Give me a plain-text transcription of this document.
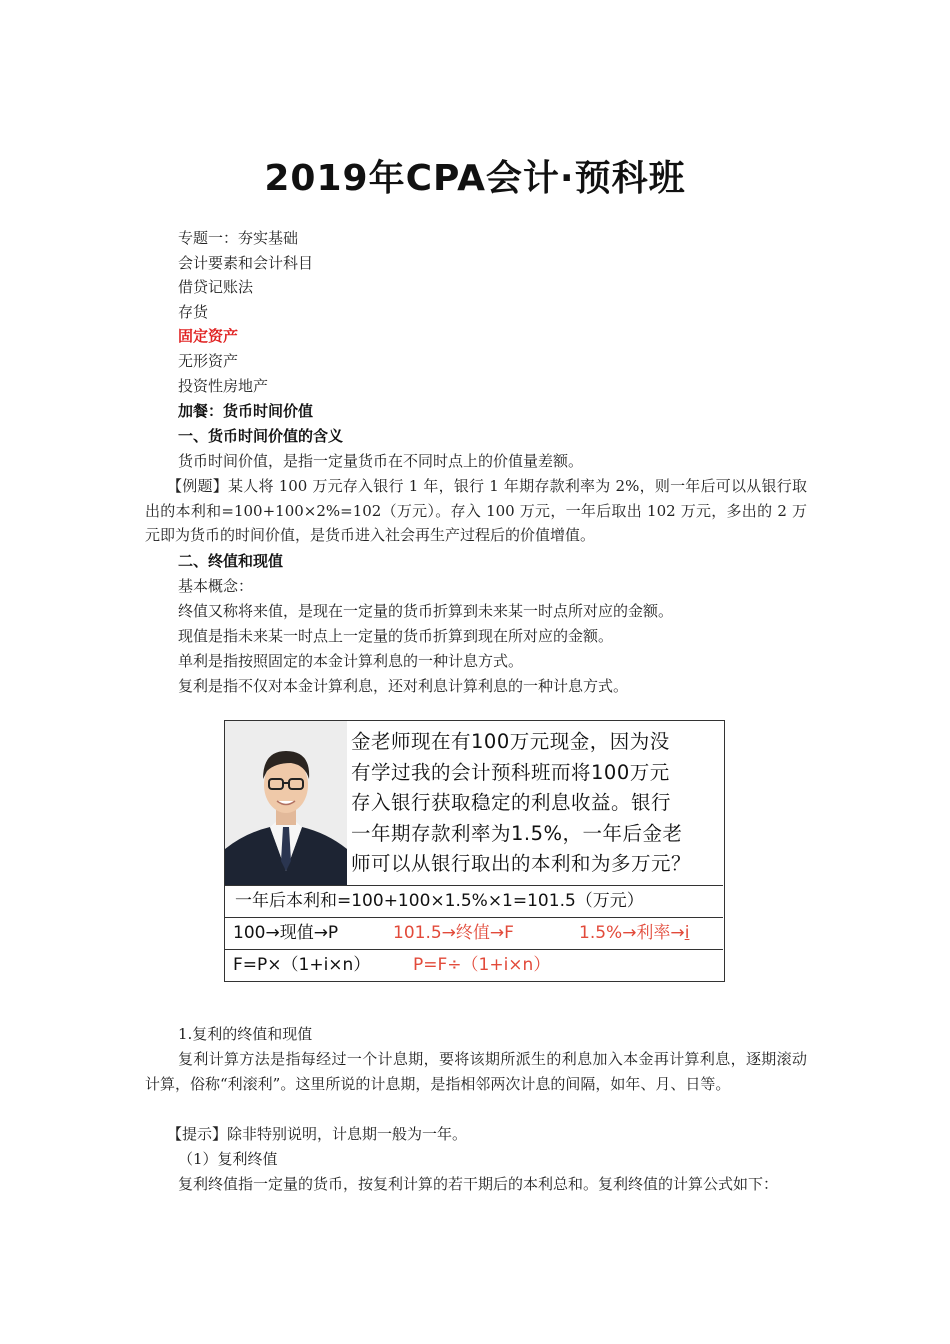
2019年CPA会计·预科班
专题一：夯实基础
会计要素和会计科目
借贷记账法
存货
固定资产
无形资产
投资性房地产
加餐：货币时间价值
一、货币时间价值的含义
货币时间价值，是指一定量货币在不同时点上的价值量差额。
【例题】某人将 100 万元存入银行 1 年，银行 1 年期存款利率为 2%，则一年后可以从银行取出的本利和=100+100×2%=102（万元）。存入 100 万元，一年后取出 102 万元，多出的 2 万元即为货币的时间价值，是货币进入社会再生产过程后的价值增值。
二、终值和现值
基本概念：
终值又称将来值，是现在一定量的货币折算到未来某一时点所对应的金额。
现值是指未来某一时点上一定量的货币折算到现在所对应的金额。
单利是指按照固定的本金计算利息的一种计息方式。
复利是指不仅对本金计算利息，还对利息计算利息的一种计息方式。
金老师现在有100万元现金，因为没
有学过我的会计预科班而将100万元
存入银行获取稳定的利息收益。银行
一年期存款利率为1.5%，一年后金老
师可以从银行取出的本利和为多万元？
一年后本利和=100+100×1.5%×1=101.5（万元）
100→现值→P	101.5→终值→F	1.5%→利率→i
F=P×（1+i×n）	P=F÷（1+i×n）
1.复利的终值和现值
复利计算方法是指每经过一个计息期，要将该期所派生的利息加入本金再计算利息，逐期滚动计算，俗称“利滚利”。这里所说的计息期，是指相邻两次计息的间隔，如年、月、日等。
【提示】除非特别说明，计息期一般为一年。
（1）复利终值
复利终值指一定量的货币，按复利计算的若干期后的本利总和。复利终值的计算公式如下：
